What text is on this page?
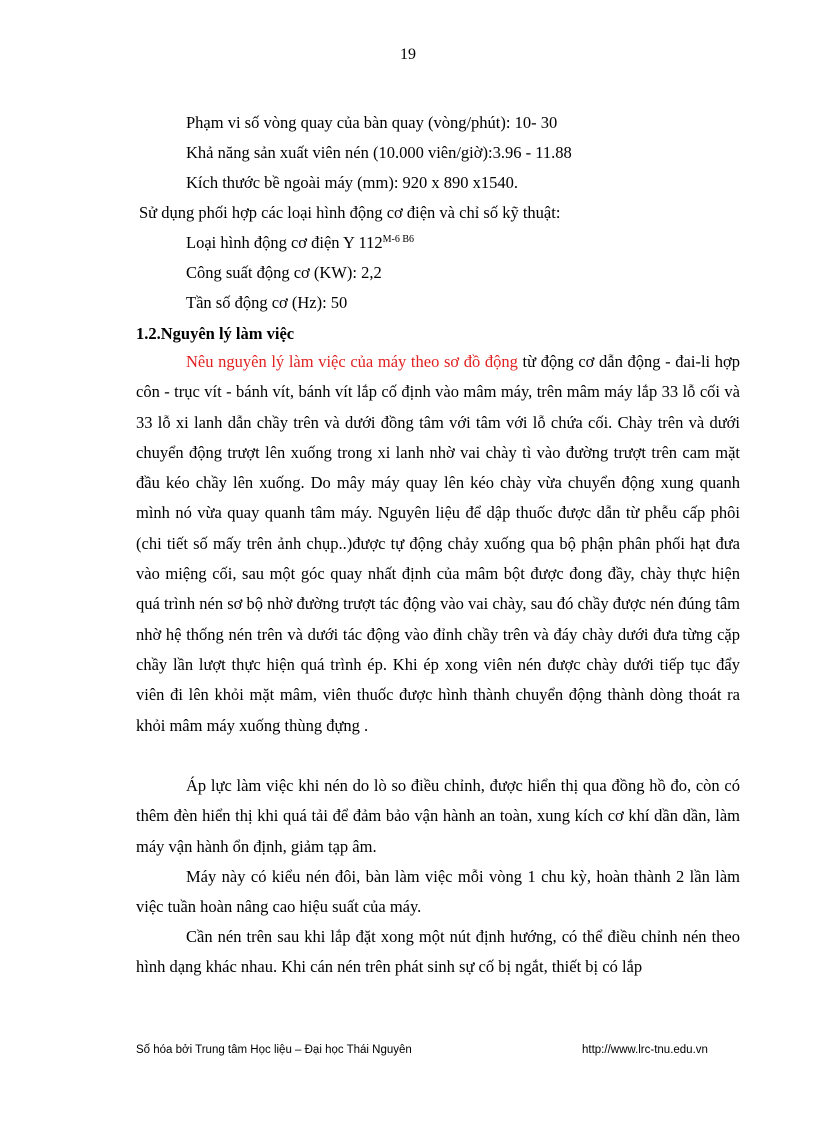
19
Phạm vi số vòng quay của bàn quay (vòng/phút): 10- 30
Khả năng sản xuất viên nén (10.000 viên/giờ):3.96 - 11.88
Kích thước bề ngoài máy (mm): 920 x 890 x1540.
Sử dụng phối hợp các loại hình động cơ điện và chỉ số kỹ thuật:
Loại hình động cơ điện Y $112^{M-6 B6}$
Công suất động cơ (KW): 2,2
Tần số động cơ (Hz): 50
1.2.Nguyên lý làm việc
Nêu nguyên lý làm việc của máy theo sơ đồ động từ động cơ dẫn động - đai-li hợp côn - trục vít - bánh vít, bánh vít lắp cố định vào mâm máy, trên mâm máy lắp 33 lỗ cối và 33 lỗ xi lanh dẫn chầy trên và dưới đồng tâm với tâm với lỗ chứa cối. Chày trên và dưới chuyển động trượt lên xuống trong xi lanh nhờ vai chày tì vào đường trượt trên cam mặt đầu kéo chầy lên xuống. Do mây máy quay lên kéo chày vừa chuyển động xung quanh mình nó vừa quay quanh tâm máy. Nguyên liệu để dập thuốc được dẫn từ phễu cấp phôi (chi tiết số mấy trên ảnh chụp..)được tự động chảy xuống qua bộ phận phân phối hạt đưa vào miệng cối, sau một góc quay nhất định của mâm bột được đong đầy, chày thực hiện quá trình nén sơ bộ nhờ đường trượt tác động vào vai chày, sau đó chầy được nén đúng tâm nhờ hệ thống nén trên và dưới tác động vào đỉnh chầy trên và đáy chày dưới đưa từng cặp chầy lần lượt thực hiện quá trình ép. Khi ép xong viên nén được chày dưới tiếp tục đẩy viên đi lên khỏi mặt mâm, viên thuốc được hình thành chuyển động thành dòng thoát ra khỏi mâm máy xuống thùng đựng .
Áp lực làm việc khi nén do lò so điều chỉnh, được hiển thị qua đồng hồ đo, còn có thêm đèn hiển thị khi quá tải để đảm bảo vận hành an toàn, xung kích cơ khí dần dần, làm máy vận hành ổn định, giảm tạp âm.
Máy này có kiểu nén đôi, bàn làm việc mỗi vòng 1 chu kỳ, hoàn thành 2 lần làm việc tuần hoàn nâng cao hiệu suất của máy.
Cần nén trên sau khi lắp đặt xong một nút định hướng, có thể điều chỉnh nén theo hình dạng khác nhau. Khi cán nén trên phát sinh sự cố bị ngắt, thiết bị có lắp
Số hóa bởi Trung tâm Học liệu – Đại học Thái Nguyên	http://www.lrc-tnu.edu.vn
